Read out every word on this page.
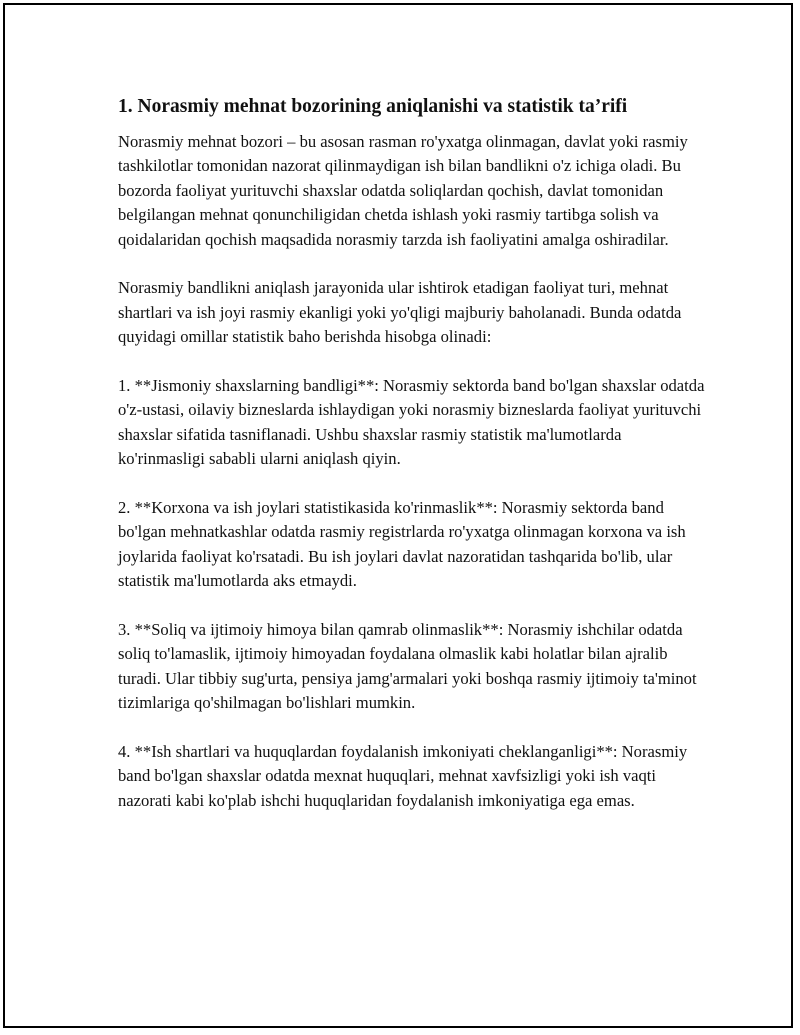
1. Norasmiy mehnat bozorining aniqlanishi va statistik ta’rifi

Norasmiy mehnat bozori – bu asosan rasman ro'yxatga olinmagan, davlat yoki rasmiy tashkilotlar tomonidan nazorat qilinmaydigan ish bilan bandlikni o'z ichiga oladi. Bu bozorda faoliyat yurituvchi shaxslar odatda soliqlardan qochish, davlat tomonidan belgilangan mehnat qonunchiligidan chetda ishlash yoki rasmiy tartibga solish va qoidalaridan qochish maqsadida norasmiy tarzda ish faoliyatini amalga oshiradilar.

Norasmiy bandlikni aniqlash jarayonida ular ishtirok etadigan faoliyat turi, mehnat shartlari va ish joyi rasmiy ekanligi yoki yo'qligi majburiy baholanadi. Bunda odatda quyidagi omillar statistik baho berishda hisobga olinadi:

1. **Jismoniy shaxslarning bandligi**: Norasmiy sektorda band bo'lgan shaxslar odatda o'z-ustasi, oilaviy bizneslarda ishlaydigan yoki norasmiy bizneslarda faoliyat yurituvchi shaxslar sifatida tasniflanadi. Ushbu shaxslar rasmiy statistik ma'lumotlarda ko'rinmasligi sababli ularni aniqlash qiyin.

2. **Korxona va ish joylari statistikasida ko'rinmaslik**: Norasmiy sektorda band bo'lgan mehnatkashlar odatda rasmiy registrlarda ro'yxatga olinmagan korxona va ish joylarida faoliyat ko'rsatadi. Bu ish joylari davlat nazoratidan tashqarida bo'lib, ular statistik ma'lumotlarda aks etmaydi.

3. **Soliq va ijtimoiy himoya bilan qamrab olinmaslik**: Norasmiy ishchilar odatda soliq to'lamaslik, ijtimoiy himoyadan foydalana olmaslik kabi holatlar bilan ajralib turadi. Ular tibbiy sug'urta, pensiya jamg'armalari yoki boshqa rasmiy ijtimoiy ta'minot tizimlariga qo'shilmagan bo'lishlari mumkin.

4. **Ish shartlari va huquqlardan foydalanish imkoniyati cheklanganligi**: Norasmiy band bo'lgan shaxslar odatda mexnat huquqlari, mehnat xavfsizligi yoki ish vaqti nazorati kabi ko'plab ishchi huquqlaridan foydalanish imkoniyatiga ega emas.
